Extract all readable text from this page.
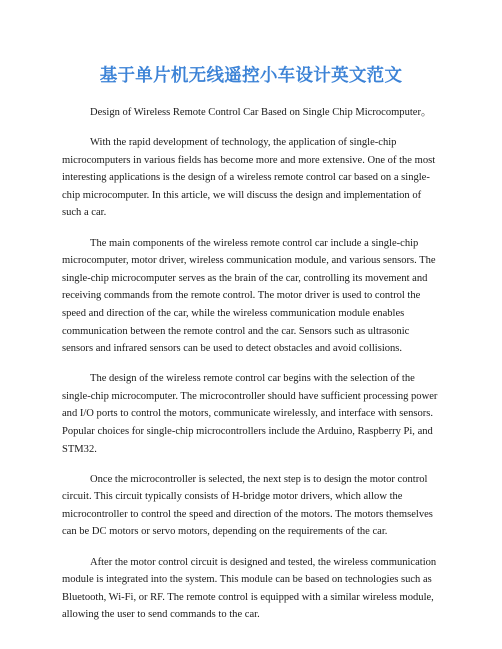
基于单片机无线遥控小车设计英文范文

Design of Wireless Remote Control Car Based on Single Chip Microcomputer。

With the rapid development of technology, the application of single-chip microcomputers in various fields has become more and more extensive. One of the most interesting applications is the design of a wireless remote control car based on a single-chip microcomputer. In this article, we will discuss the design and implementation of such a car.

The main components of the wireless remote control car include a single-chip microcomputer, motor driver, wireless communication module, and various sensors. The single-chip microcomputer serves as the brain of the car, controlling its movement and receiving commands from the remote control. The motor driver is used to control the speed and direction of the car, while the wireless communication module enables communication between the remote control and the car. Sensors such as ultrasonic sensors and infrared sensors can be used to detect obstacles and avoid collisions.

The design of the wireless remote control car begins with the selection of the single-chip microcomputer. The microcontroller should have sufficient processing power and I/O ports to control the motors, communicate wirelessly, and interface with sensors. Popular choices for single-chip microcontrollers include the Arduino, Raspberry Pi, and STM32.

Once the microcontroller is selected, the next step is to design the motor control circuit. This circuit typically consists of H-bridge motor drivers, which allow the microcontroller to control the speed and direction of the motors. The motors themselves can be DC motors or servo motors, depending on the requirements of the car.

After the motor control circuit is designed and tested, the wireless communication module is integrated into the system. This module can be based on technologies such as Bluetooth, Wi-Fi, or RF. The remote control is equipped with a similar wireless module, allowing the user to send commands to the car.
